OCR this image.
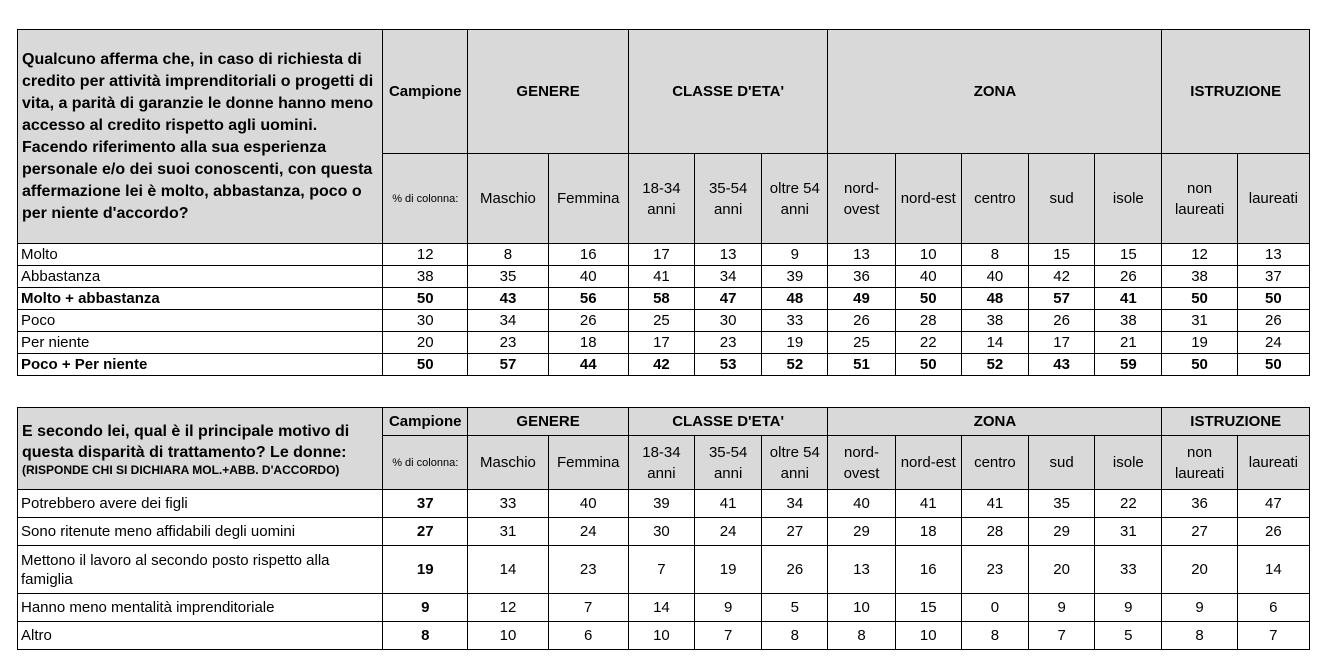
Qualcuno afferma che, in caso di richiesta di credito per attività imprenditoriali o progetti di vita, a parità di garanzie le donne hanno meno accesso al credito rispetto agli uomini. Facendo riferimento alla sua esperienza personale e/o dei suoi conoscenti, con questa affermazione lei è molto, abbastanza, poco o per niente d'accordo?	Campione	GENERE		CLASSE D'ETA'			ZONA					ISTRUZIONE	
	% di colonna:	Maschio	Femmina	18-34 anni	35-54 anni	oltre 54 anni	nord-ovest	nord-est	centro	sud	isole	non laureati	laureati
Molto	12	8	16	17	13	9	13	10	8	15	15	12	13
Abbastanza	38	35	40	41	34	39	36	40	40	42	26	38	37
Molto + abbastanza	50	43	56	58	47	48	49	50	48	57	41	50	50
Poco	30	34	26	25	30	33	26	28	38	26	38	31	26
Per niente	20	23	18	17	23	19	25	22	14	17	21	19	24
Poco + Per niente	50	57	44	42	53	52	51	50	52	43	59	50	50
E secondo lei, qual è il principale motivo di questa disparità di trattamento? Le donne:
(RISPONDE CHI SI DICHIARA MOL.+ABB. D'ACCORDO)	Campione	GENERE		CLASSE D'ETA'			ZONA					ISTRUZIONE	
	% di colonna:	Maschio	Femmina	18-34 anni	35-54 anni	oltre 54 anni	nord-ovest	nord-est	centro	sud	isole	non laureati	laureati
Potrebbero avere dei figli	37	33	40	39	41	34	40	41	41	35	22	36	47
Sono ritenute meno affidabili degli uomini	27	31	24	30	24	27	29	18	28	29	31	27	26
Mettono il lavoro al secondo posto rispetto alla famiglia	19	14	23	7	19	26	13	16	23	20	33	20	14
Hanno meno mentalità imprenditoriale	9	12	7	14	9	5	10	15	0	9	9	9	6
Altro	8	10	6	10	7	8	8	10	8	7	5	8	7
